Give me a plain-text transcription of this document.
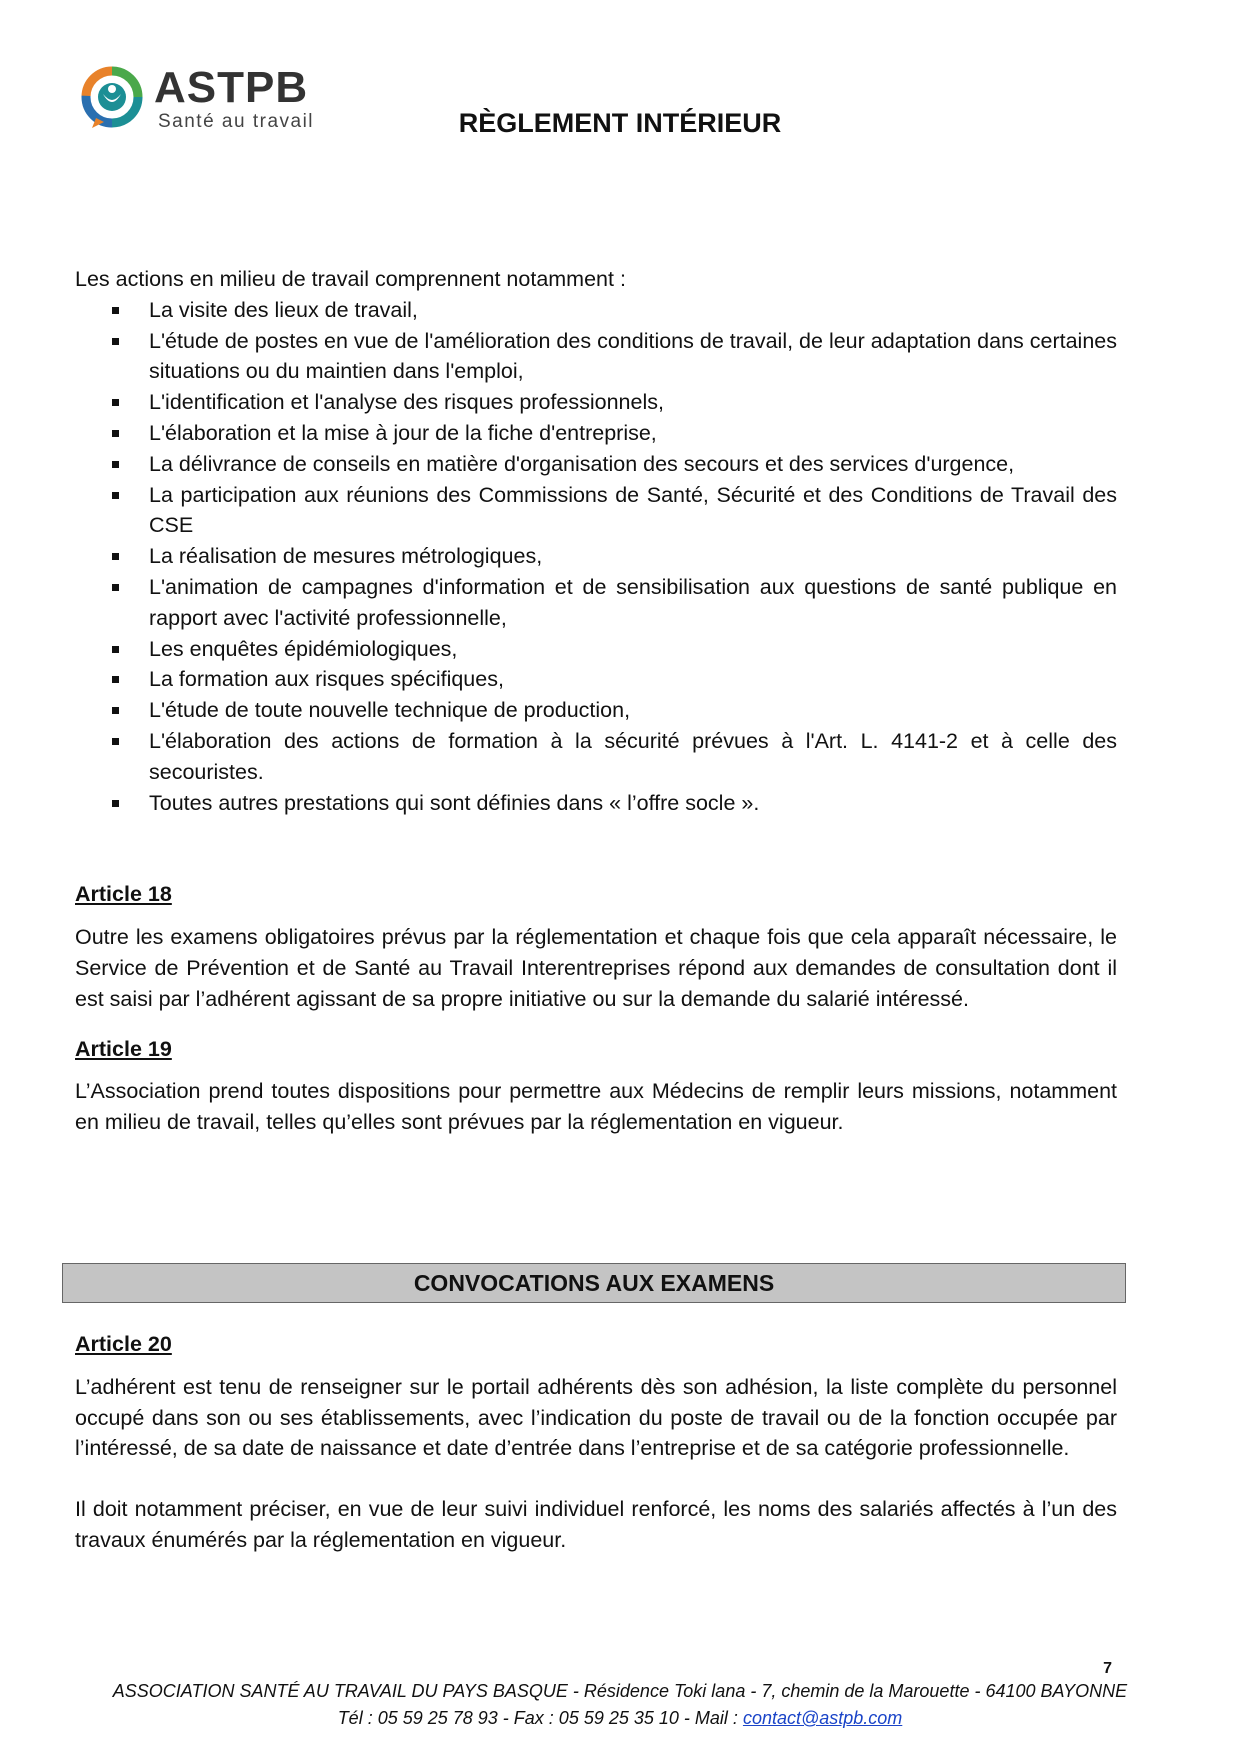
ASTPB
Santé au travail	RÈGLEMENT INTÉRIEUR

Les actions en milieu de travail comprennent notamment :

La visite des lieux de travail,
L'étude de postes en vue de l'amélioration des conditions de travail, de leur adaptation dans certaines situations ou du maintien dans l'emploi,
L'identification et l'analyse des risques professionnels,
L'élaboration et la mise à jour de la fiche d'entreprise,
La délivrance de conseils en matière d'organisation des secours et des services d'urgence,
La participation aux réunions des Commissions de Santé, Sécurité et des Conditions de Travail des CSE
La réalisation de mesures métrologiques,
L'animation de campagnes d'information et de sensibilisation aux questions de santé publique en rapport avec l'activité professionnelle,
Les enquêtes épidémiologiques,
La formation aux risques spécifiques,
L'étude de toute nouvelle technique de production,
L'élaboration des actions de formation à la sécurité prévues à l'Art. L. 4141-2 et à celle des secouristes.
Toutes autres prestations qui sont définies dans « l’offre socle ».

Article 18

Outre les examens obligatoires prévus par la réglementation et chaque fois que cela apparaît nécessaire, le Service de Prévention et de Santé au Travail Interentreprises répond aux demandes de consultation dont il est saisi par l’adhérent agissant de sa propre initiative ou sur la demande du salarié intéressé.

Article 19

L’Association prend toutes dispositions pour permettre aux Médecins de remplir leurs missions, notamment en milieu de travail, telles qu’elles sont prévues par la réglementation en vigueur.

CONVOCATIONS AUX EXAMENS

Article 20

L’adhérent est tenu de renseigner sur le portail adhérents dès son adhésion, la liste complète du personnel occupé dans son ou ses établissements, avec l’indication du poste de travail ou de la fonction occupée par l’intéressé, de sa date de naissance et date d’entrée dans l’entreprise et de sa catégorie professionnelle.

Il doit notamment préciser, en vue de leur suivi individuel renforcé, les noms des salariés affectés à l’un des travaux énumérés par la réglementation en vigueur.

7
ASSOCIATION SANTÉ AU TRAVAIL DU PAYS BASQUE - Résidence Toki lana - 7, chemin de la Marouette - 64100 BAYONNE
Tél : 05 59 25 78 93 - Fax : 05 59 25 35 10 - Mail : contact@astpb.com
